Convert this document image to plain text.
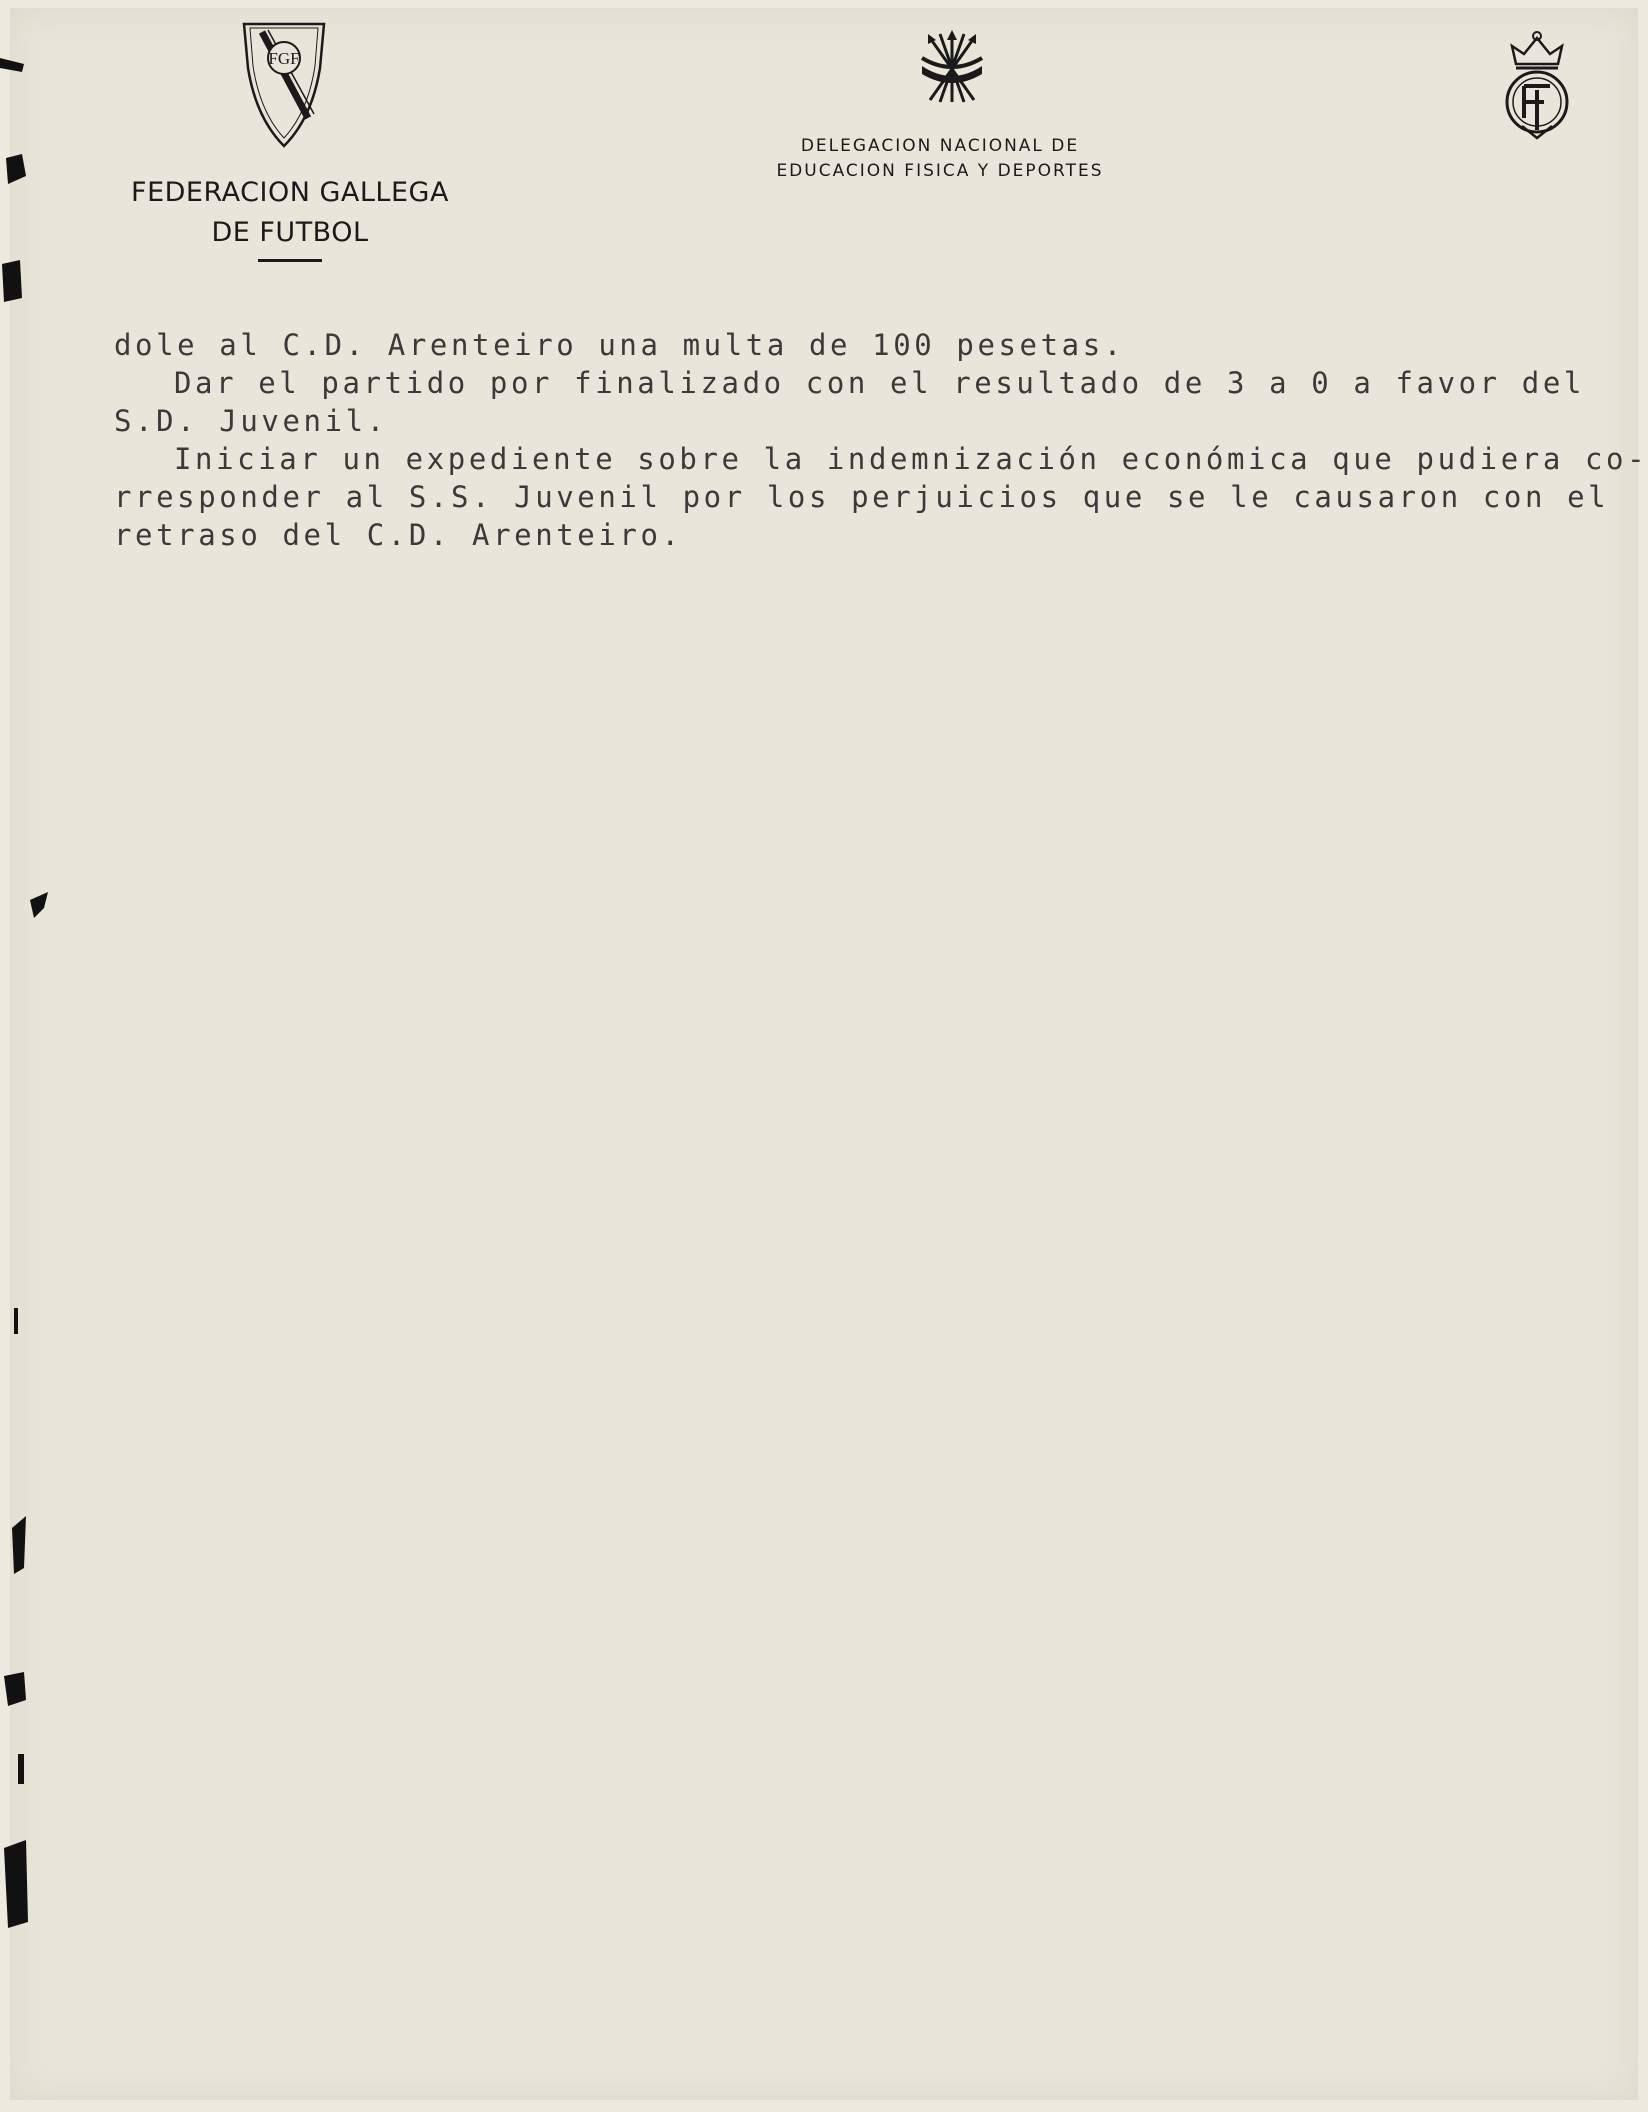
FGF
FEDERACION GALLEGA
DE FUTBOL
DELEGACION NACIONAL DE
EDUCACION FISICA Y DEPORTES

dole al C.D. Arenteiro una multa de 100 pesetas.

Dar el partido por finalizado con el resultado de 3 a 0 a favor del

S.D. Juvenil.

Iniciar un expediente sobre la indemnización económica que pudiera co-

rresponder al S.S. Juvenil por los perjuicios que se le causaron con el

retraso del C.D. Arenteiro.
